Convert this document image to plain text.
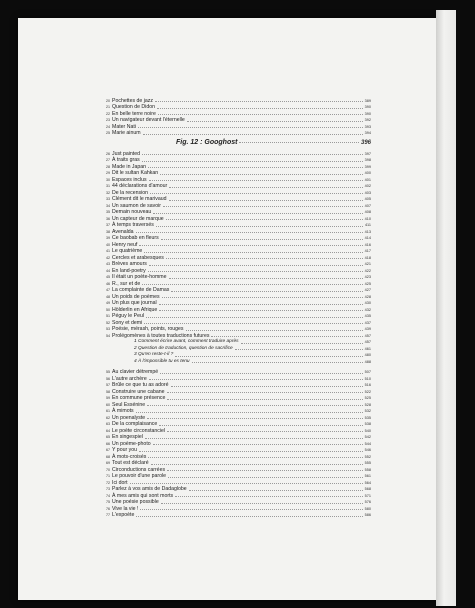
20 Pochettes de jazz	389
21 Question de Didon	390
22 En belle terre noire	390
23 Un navigateur devant l'éternelle	392
24 Mater Nati	393
25 Marie ainum	394
Fig. 12 : Googhost	396
26 Just painted	397
27 À traits gras	398
28 Made in Japan	399
29 Dit le sultan Kahkan	400
30 Espaces inclus	401
31 44 déclarations d'amour	402
32 De la recension	403
33 Clément dit le marivaud	405
34 Un saumon de savoir	407
35 Demain nouveau	408
36 Un capteur de marque	410
37 À temps traversés	411
38 Avenalda	413
39 Ce baobab en fleurs	414
40 Henry neuf	416
41 Le quatrième	417
42 Cercles et arabesques	418
43 Brèves amours	421
44 En land-poetry	422
45 Il était un poète-homme	423
46 R., sur et de	425
47 La complainte de Damas	427
48 Un poids de poèmes	428
49 Un plus que journal	430
50 Hölderlin en Afrique	432
51 Péguy le Peul	435
52 Sony et demi	437
53 Poésie, mérash, points, rouges	439
54 Prolégomènes à toutes traductions futures	457
1 Comment écrire avant, comment traduire après	457
2 Question de traduction, question de sacrifice	461
3 Qu'en reste-t-il ?	480
4 À l'impossible tu es tenu	488
55 Au clavier détrempé	507
56 L'autre archère	510
57 Brûle ce que tu as adoré	516
58 Construire une cabane	522
59 En commune présence	525
60 Seul Essénine	528
61 À mimots	532
62 Un poenalyste	535
63 De la complaisance	538
64 Le poète circonstanciel	540
65 En singespiel	542
66 Un poème-photo	544
67 Y pour you	546
68 À mots-croisés	552
69 Tout est déclaré	555
70 Circonductions carrées	558
71 Le pouvoir d'une parole	561
72 Ici dort	564
73 Parlez à vos amis de Dadaglobe	568
74 À mes amis qui sont morts	571
75 Une poésie possible	576
76 Vive la vie !	580
77 L'expoète	586
